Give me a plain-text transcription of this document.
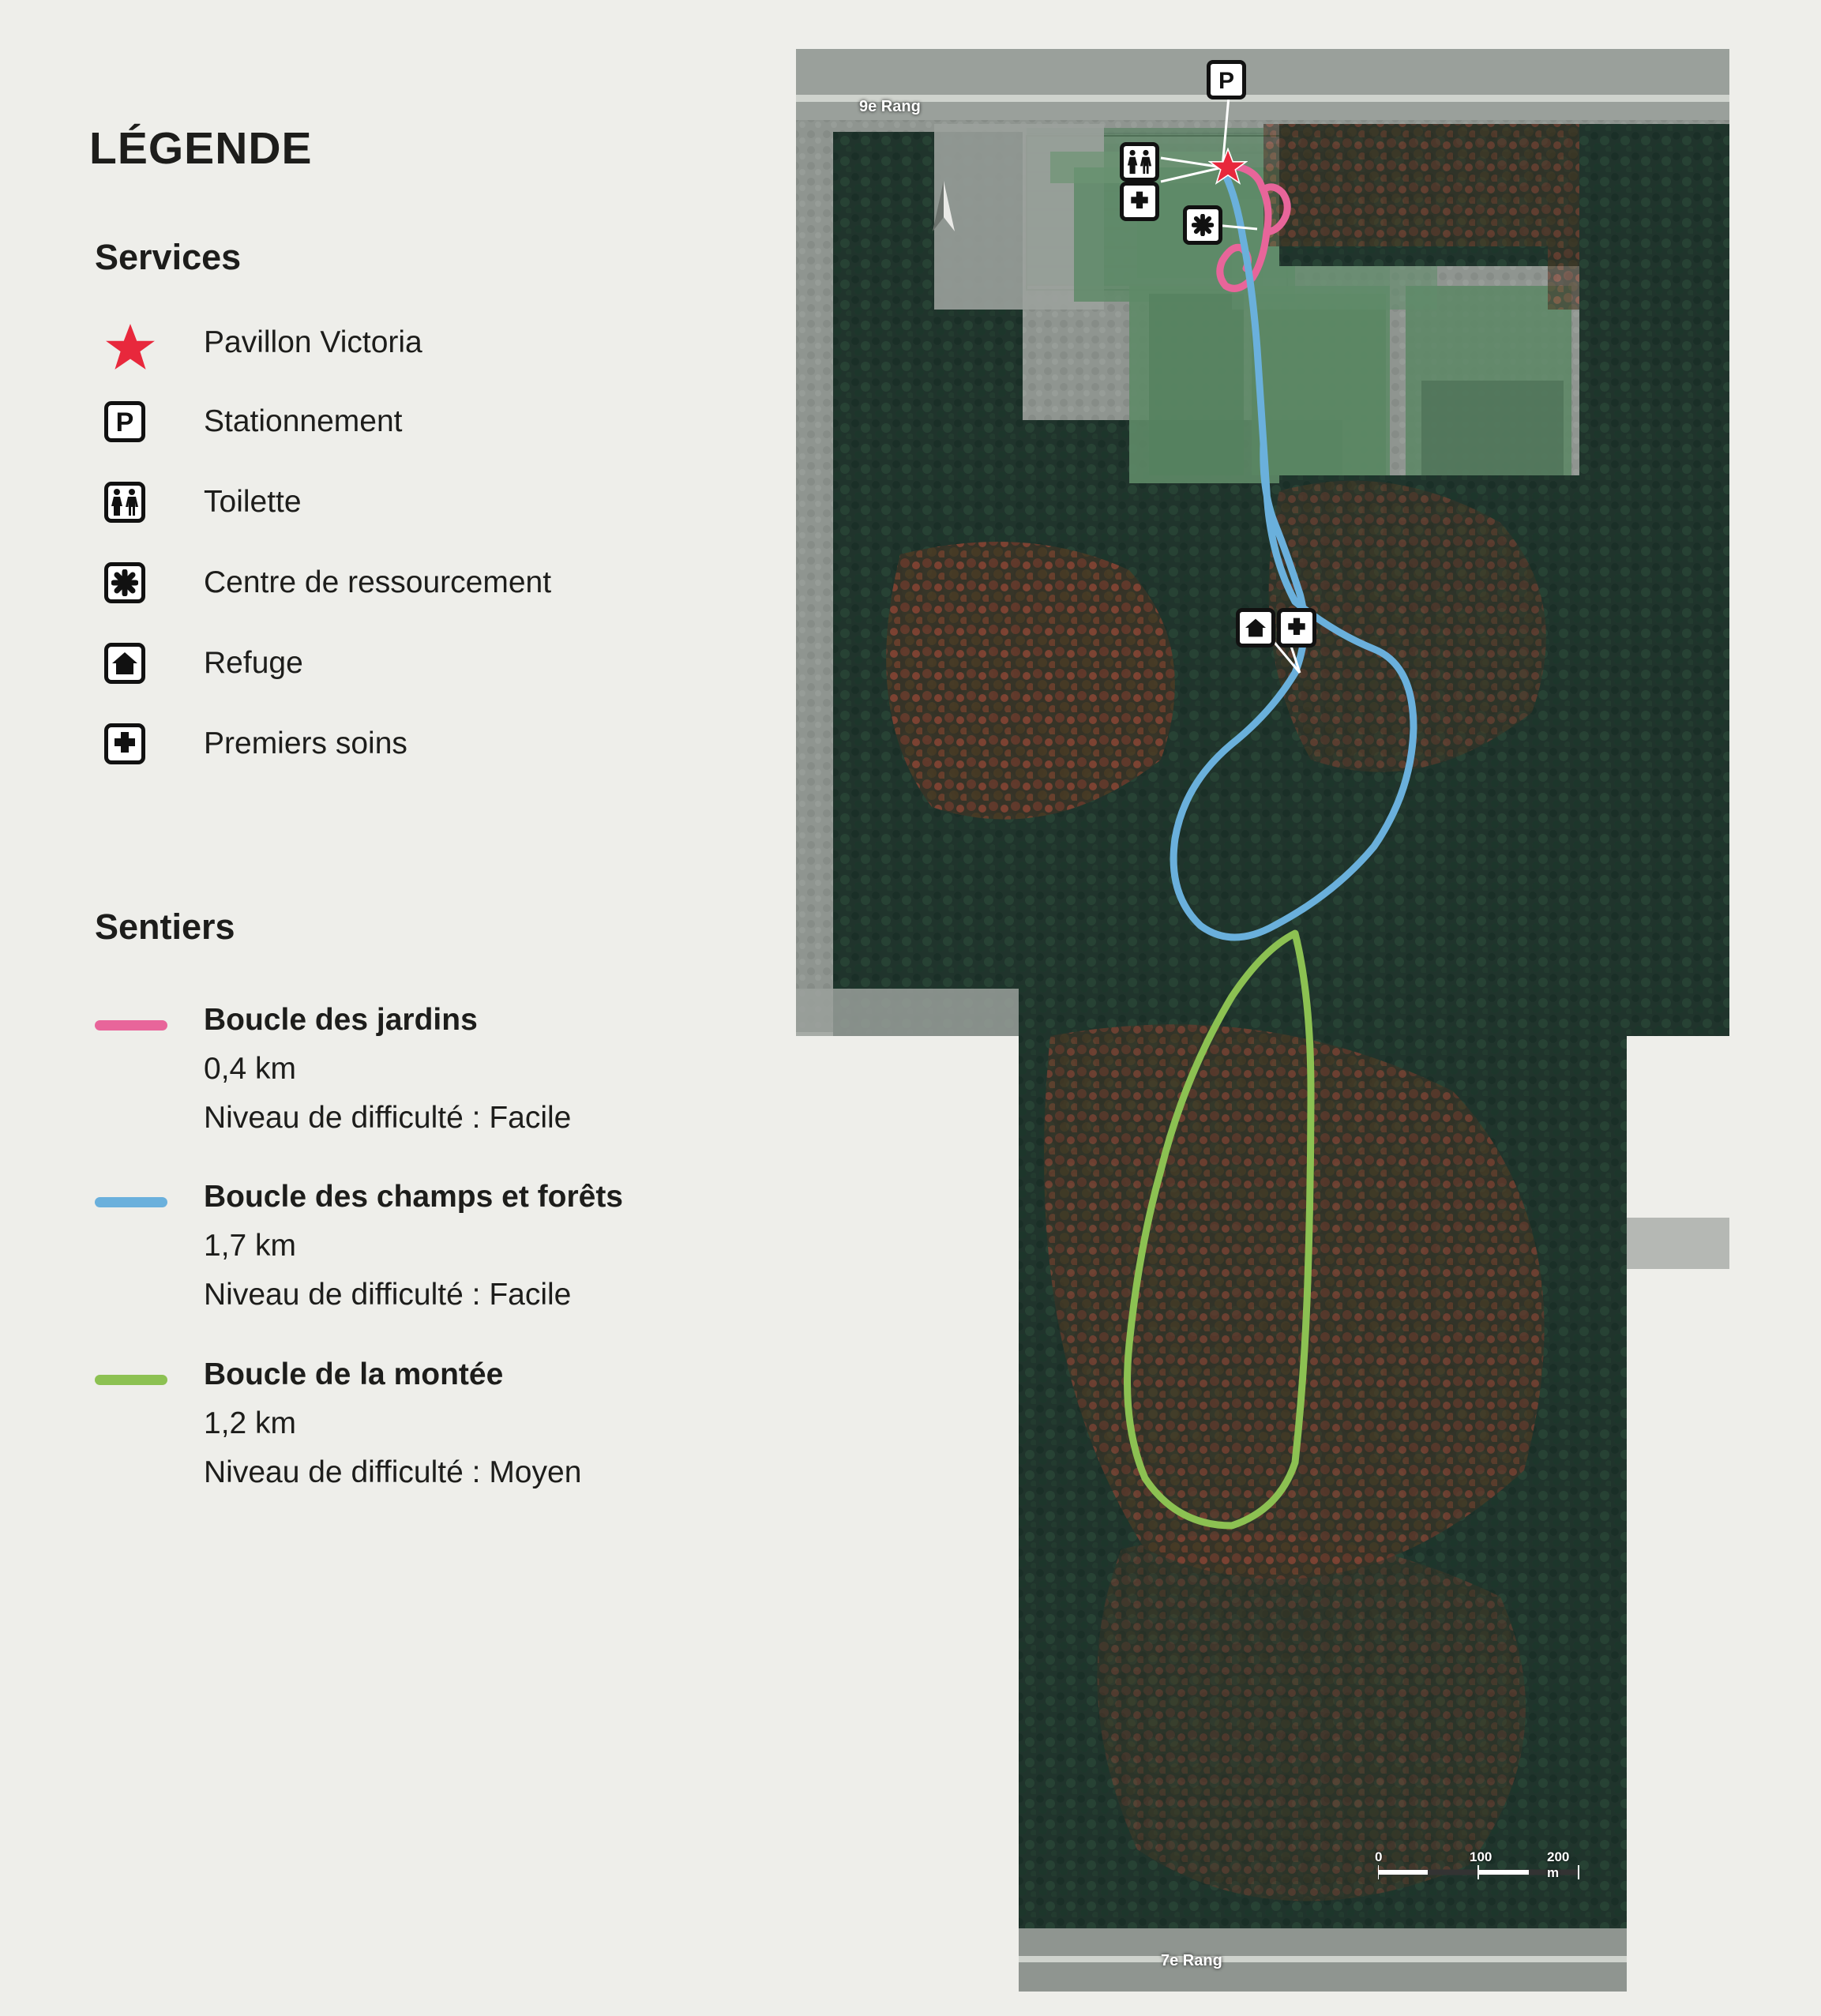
LÉGENDE
Services
Pavillon Victoria
P Stationnement
Toilette
Centre de ressourcement
Refuge
Premiers soins
Sentiers
Boucle des jardins
0,4 km
Niveau de difficulté : Facile
Boucle des champs et forêts
1,7 km
Niveau de difficulté : Facile
Boucle de la montée
1,2 km
Niveau de difficulté : Moyen
P
9e Rang
7e Rang
0	100	200 m
